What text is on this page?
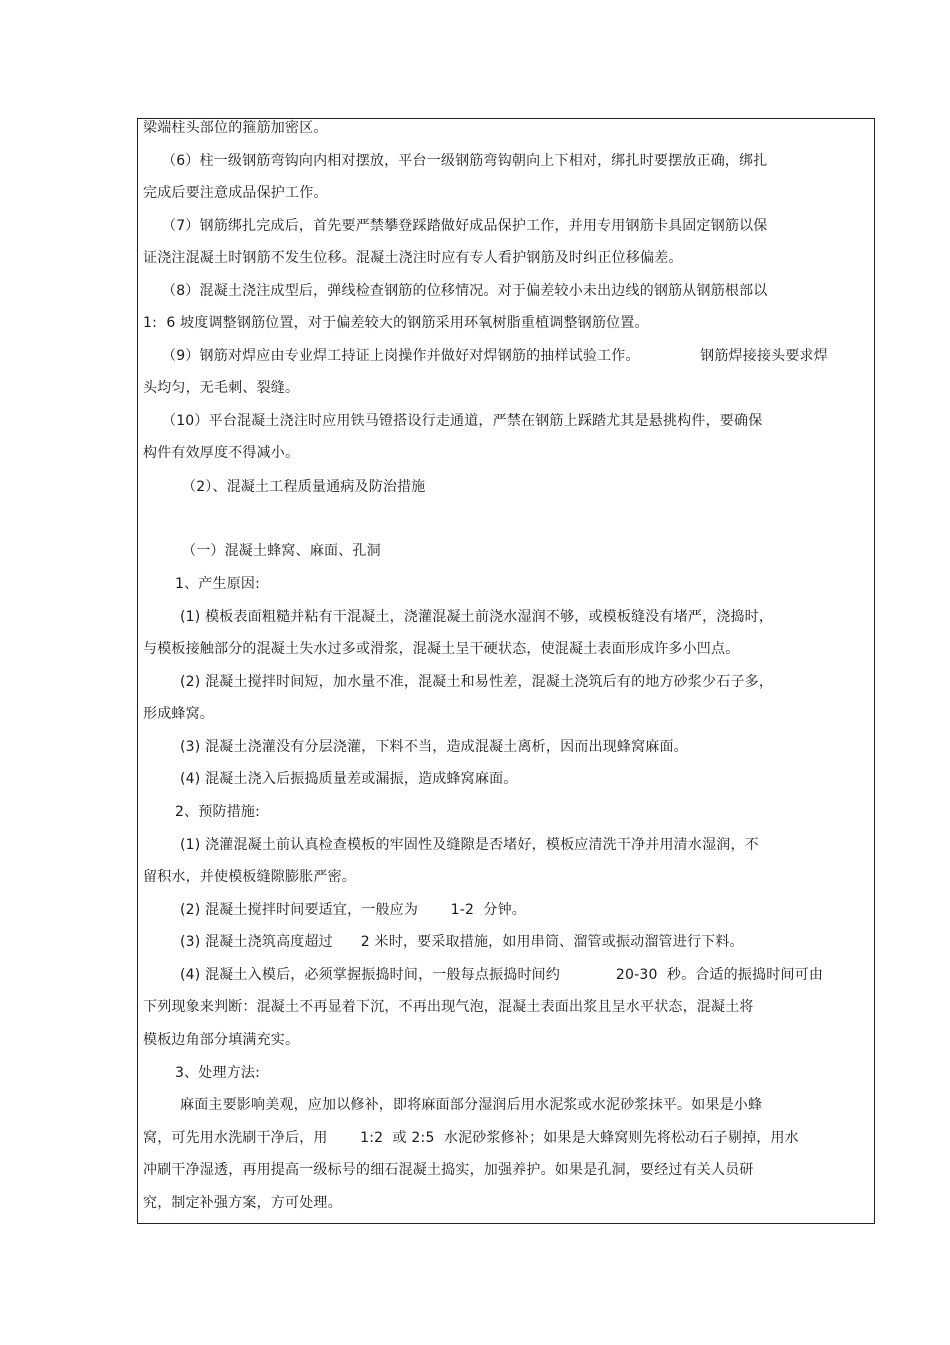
梁端柱头部位的箍筋加密区。
（6）柱一级钢筋弯钩向内相对摆放，平台一级钢筋弯钩朝向上下相对，绑扎时要摆放正确，绑扎
完成后要注意成品保护工作。
（7）钢筋绑扎完成后，首先要严禁攀登踩踏做好成品保护工作，并用专用钢筋卡具固定钢筋以保
证浇注混凝土时钢筋不发生位移。混凝土浇注时应有专人看护钢筋及时纠正位移偏差。
（8）混凝土浇注成型后，弹线检查钢筋的位移情况。对于偏差较小未出边线的钢筋从钢筋根部以
1:  6 坡度调整钢筋位置，对于偏差较大的钢筋采用环氧树脂重植调整钢筋位置。
（9）钢筋对焊应由专业焊工持证上岗操作并做好对焊钢筋的抽样试验工作。             钢筋焊接接头要求焊
头均匀，无毛刺、裂缝。
（10）平台混凝土浇注时应用铁马镫搭设行走通道，严禁在钢筋上踩踏尤其是悬挑构件，要确保
构件有效厚度不得减小。
（2）、混凝土工程质量通病及防治措施
（一）混凝土蜂窝、麻面、孔洞
1、产生原因:
(1) 模板表面粗糙并粘有干混凝土，浇灌混凝土前浇水湿润不够，或模板缝没有堵严，浇捣时，
与模板接触部分的混凝土失水过多或滑浆，混凝土呈干硬状态，使混凝土表面形成许多小凹点。
(2) 混凝土搅拌时间短，加水量不准，混凝土和易性差，混凝土浇筑后有的地方砂浆少石子多，
形成蜂窝。
(3) 混凝土浇灌没有分层浇灌，下料不当，造成混凝土离析，因而出现蜂窝麻面。
(4) 混凝土浇入后振捣质量差或漏振，造成蜂窝麻面。
2、预防措施:
(1) 浇灌混凝土前认真检查模板的牢固性及缝隙是否堵好，模板应清洗干净并用清水湿润，不
留积水，并使模板缝隙膨胀严密。
(2) 混凝土搅拌时间要适宜，一般应为       1-2  分钟。
(3) 混凝土浇筑高度超过      2 米时，要采取措施，如用串筒、溜管或振动溜管进行下料。
(4) 混凝土入模后，必须掌握振捣时间，一般每点振捣时间约            20-30  秒。合适的振捣时间可由
下列现象来判断：混凝土不再显着下沉，不再出现气泡，混凝土表面出浆且呈水平状态，混凝土将
模板边角部分填满充实。
3、处理方法:
麻面主要影响美观，应加以修补，即将麻面部分湿润后用水泥浆或水泥砂浆抹平。如果是小蜂
窝，可先用水洗刷干净后，用       1:2  或 2:5  水泥砂浆修补；如果是大蜂窝则先将松动石子剔掉，用水
冲刷干净湿透，再用提高一级标号的细石混凝土捣实，加强养护。如果是孔洞，要经过有关人员研
究，制定补强方案，方可处理。
